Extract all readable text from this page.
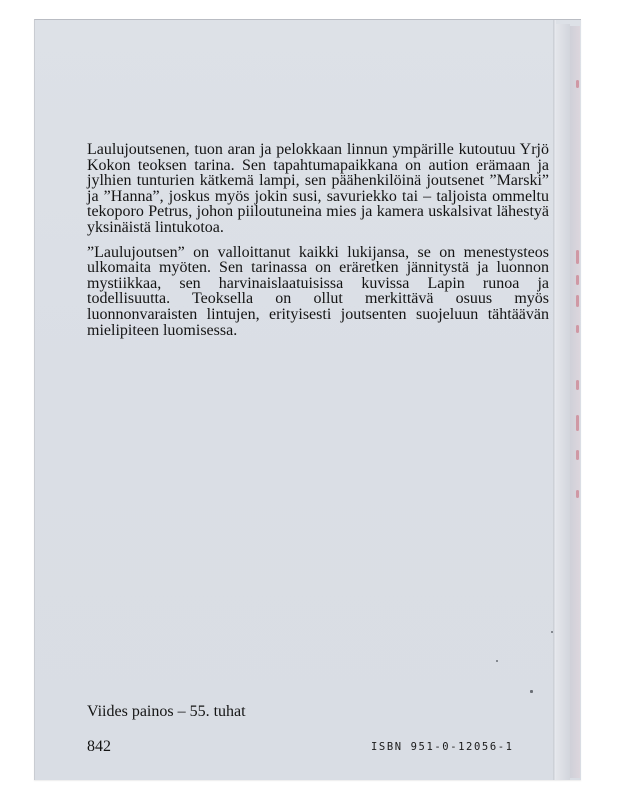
Laulujoutsenen, tuon aran ja pelokkaan linnun ympärille kutoutuu Yrjö Kokon teoksen tarina. Sen tapahtumapaikkana on aution erämaan ja jylhien tunturien kätkemä lampi, sen päähenkilöinä joutsenet ”Marski” ja ”Hanna”, joskus myös jokin susi, savuriekko tai – taljoista ommeltu tekoporo Petrus, johon piiloutuneina mies ja kamera uskalsivat lähestyä yksinäistä lintukotoa.

”Laulujoutsen” on valloittanut kaikki lukijansa, se on menestysteos ulkomaita myöten. Sen tarinassa on eräretken jännitystä ja luonnon mystiikkaa, sen harvinaislaatuisissa kuvissa Lapin runoa ja todellisuutta. Teoksella on ollut merkittävä osuus myös luonnonvaraisten lintujen, erityisesti joutsenten suojeluun tähtäävän mielipiteen luomisessa.

Viides painos – 55. tuhat
842	ISBN 951-0-12056-1
